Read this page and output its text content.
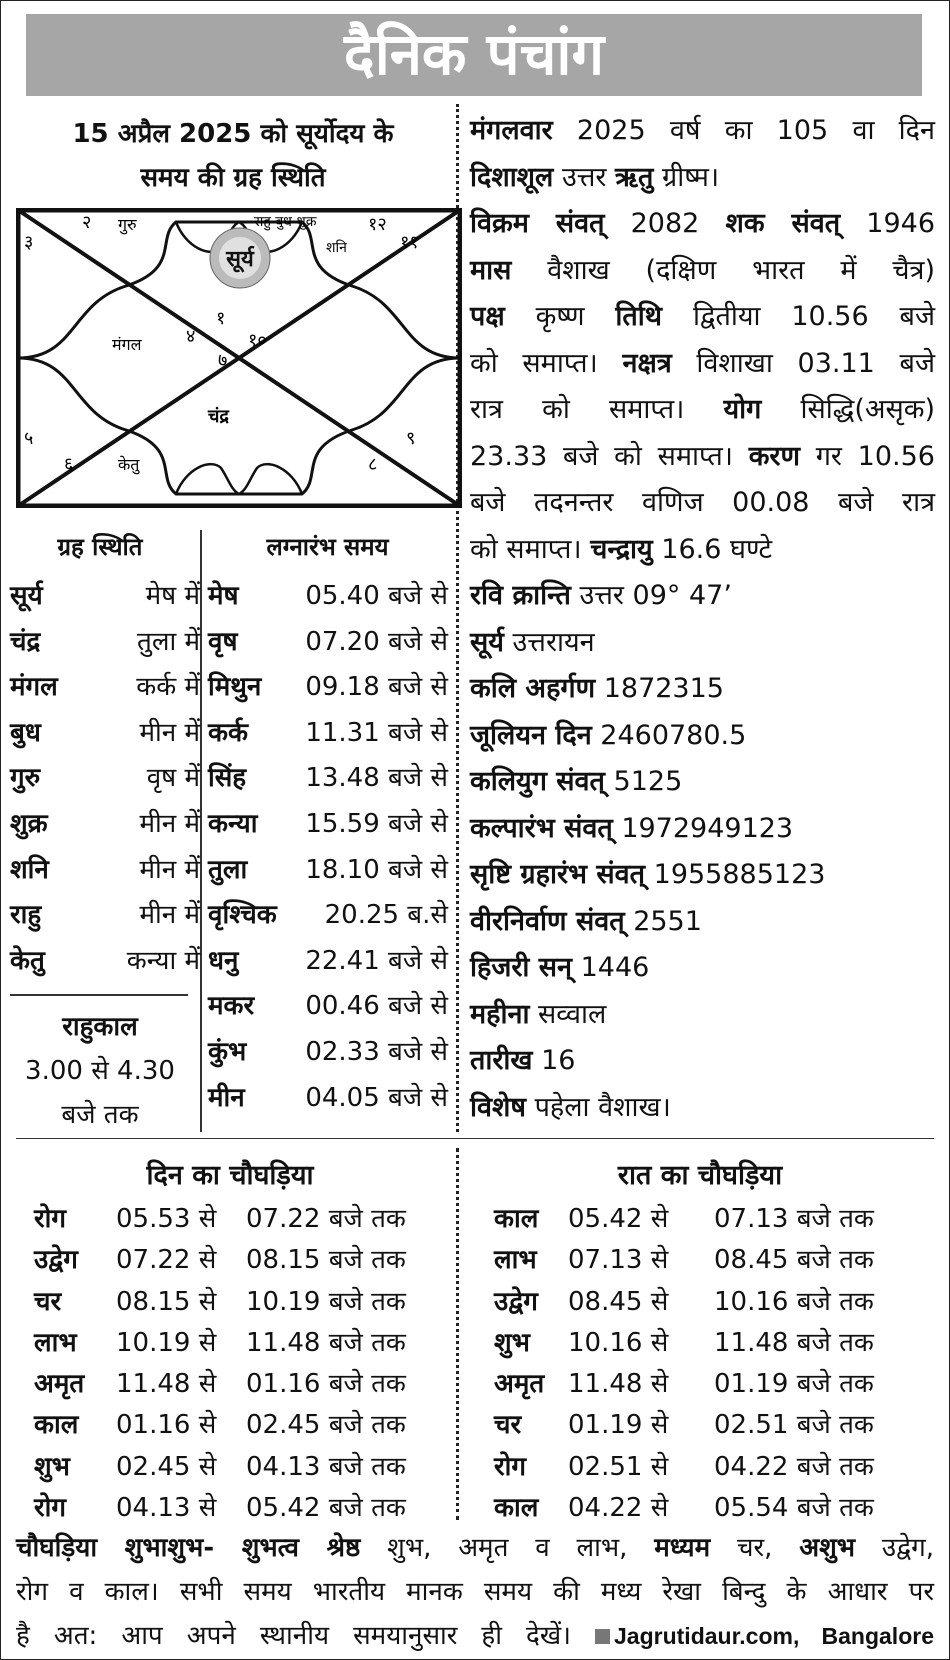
दैनिक पंचांग
15 अप्रैल 2025 को सूर्योदय के
समय की ग्रह स्थिति
सूर्य
२
३
४
५
६
७
८
९
१०
११
१
१२
गुरु	राहु बुध शुक्र
शनि
मंगल
चंद्र
केतु

मंगलवार 2025 वर्ष का 105 वा दिन

दिशाशूल उत्तर ऋतु ग्रीष्म।

विक्रम संवत् 2082 शक संवत् 1946

मास वैशाख (दक्षिण भारत में चैत्र)

पक्ष कृष्ण तिथि द्वितीया 10.56 बजे

को समाप्त। नक्षत्र विशाखा 03.11 बजे

रात्र को समाप्त। योग सिद्धि(असृक)

23.33 बजे को समाप्त। करण गर 10.56

बजे तदनन्तर वणिज 00.08 बजे रात्र

को समाप्त। चन्द्रायु 16.6 घण्टे

रवि क्रान्ति उत्तर 09° 47’

सूर्य उत्तरायन

कलि अहर्गण 1872315

जूलियन दिन 2460780.5

कलियुग संवत् 5125

कल्पारंभ संवत् 1972949123

सृष्टि ग्रहारंभ संवत् 1955885123

वीरनिर्वाण संवत् 2551

हिजरी सन् 1446

महीना सव्वाल

तारीख 16

विशेष पहेला वैशाख।

ग्रह स्थिति
सूर्य	मेष में
चंद्र	तुला में
मंगल	कर्क में
बुध	मीन में
गुरु	वृष में
शुक्र	मीन में
शनि	मीन में
राहु	मीन में
केतु	कन्या में
राहुकाल
3.00 से 4.30
बजे तक
लग्नारंभ समय
मेष	05.40 बजे से
वृष	07.20 बजे से
मिथुन	09.18 बजे से
कर्क	11.31 बजे से
सिंह	13.48 बजे से
कन्या	15.59 बजे से
तुला	18.10 बजे से
वृश्चिक	20.25 ब.से
धनु	22.41 बजे से
मकर	00.46 बजे से
कुंभ	02.33 बजे से
मीन	04.05 बजे से
दिन का चौघड़िया
रोग	05.53 से	07.22 बजे तक
उद्वेग	07.22 से	08.15 बजे तक
चर	08.15 से	10.19 बजे तक
लाभ	10.19 से	11.48 बजे तक
अमृत	11.48 से	01.16 बजे तक
काल	01.16 से	02.45 बजे तक
शुभ	02.45 से	04.13 बजे तक
रोग	04.13 से	05.42 बजे तक
रात का चौघड़िया
काल	05.42 से	07.13 बजे तक
लाभ	07.13 से	08.45 बजे तक
उद्वेग	08.45 से	10.16 बजे तक
शुभ	10.16 से	11.48 बजे तक
अमृत 11.48 से	01.19 बजे तक
चर	01.19 से	02.51 बजे तक
रोग	02.51 से	04.22 बजे तक
काल	04.22 से	05.54 बजे तक

चौघड़िया शुभाशुभ- शुभत्व श्रेष्ठ शुभ, अमृत व लाभ, मध्यम चर, अशुभ उद्वेग,

रोग व काल। सभी समय भारतीय मानक समय की मध्य रेखा बिन्दु के आधार पर

है अत: आप अपने स्थानीय समयानुसार ही देखें। Jagrutidaur.com, Bangalore
